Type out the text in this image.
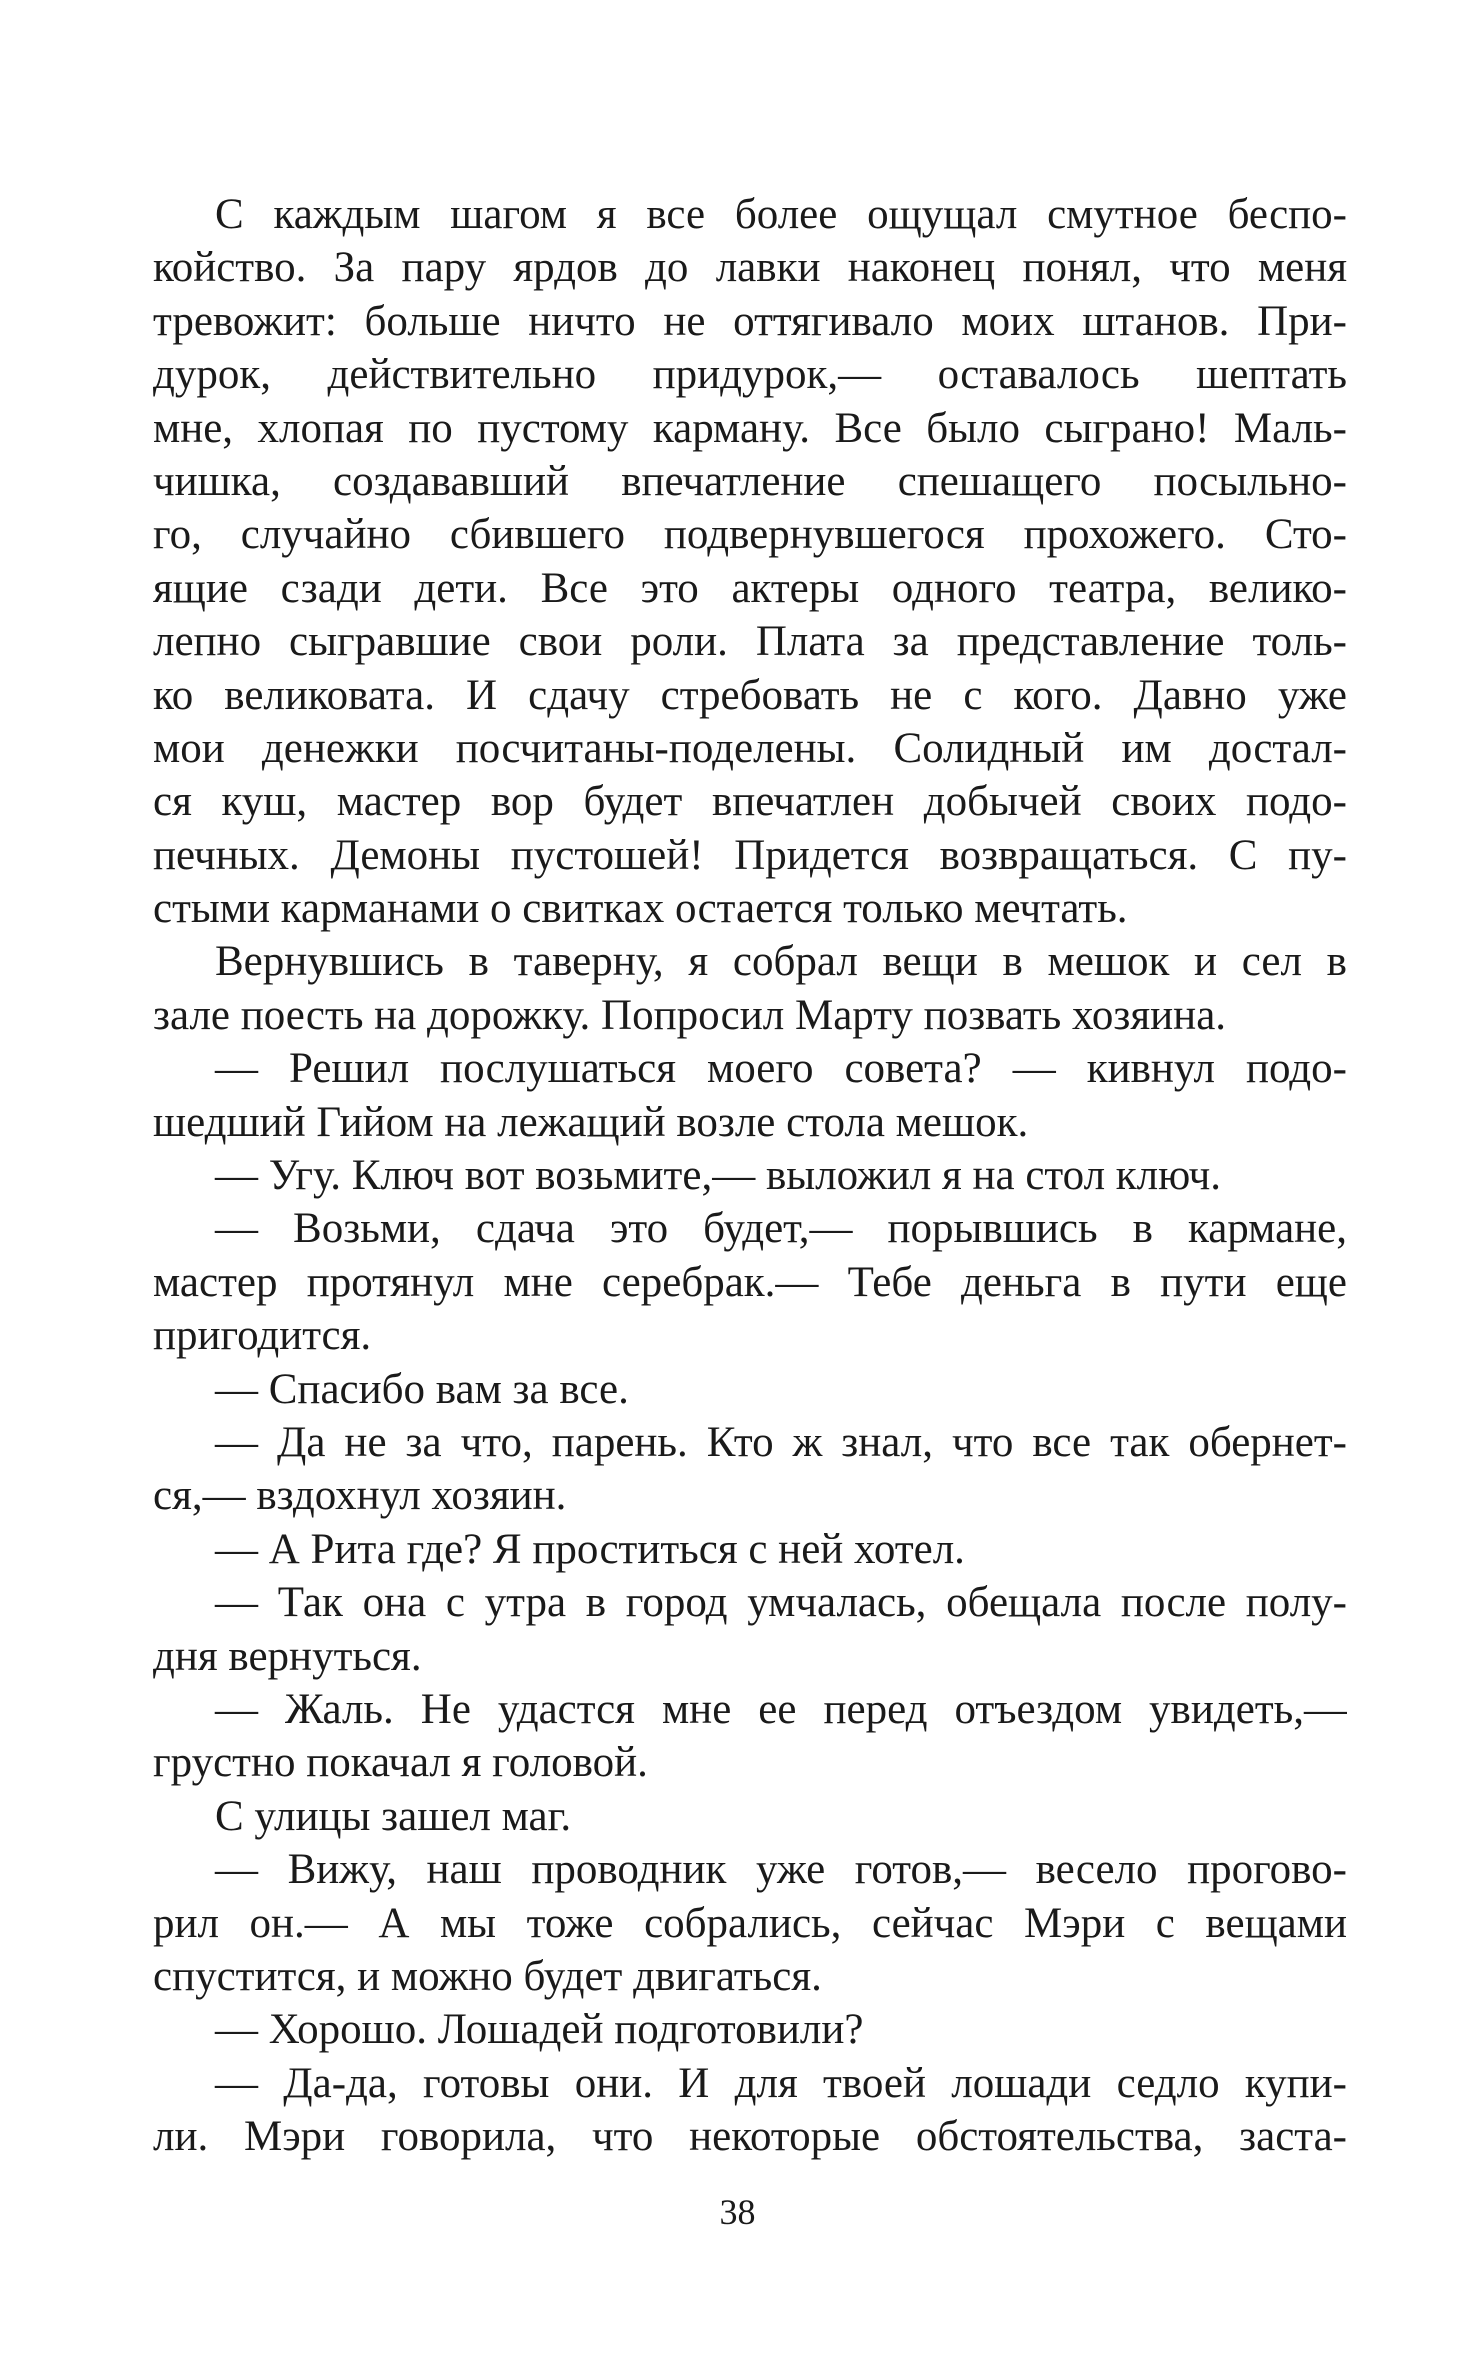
С каждым шагом я все более ощущал смутное беспо-
койство. За пару ярдов до лавки наконец понял, что меня
тревожит: больше ничто не оттягивало моих штанов. При-
дурок, действительно придурок,— оставалось шептать
мне, хлопая по пустому карману. Все было сыграно! Маль-
чишка, создававший впечатление спешащего посыльно-
го, случайно сбившего подвернувшегося прохожего. Сто-
ящие сзади дети. Все это актеры одного театра, велико-
лепно сыгравшие свои роли. Плата за представление толь-
ко великовата. И сдачу стребовать не с кого. Давно уже
мои денежки посчитаны-поделены. Солидный им достал-
ся куш, мастер вор будет впечатлен добычей своих подо-
печных. Демоны пустошей! Придется возвращаться. С пу-
стыми карманами о свитках остается только мечтать.
Вернувшись в таверну, я собрал вещи в мешок и сел в
зале поесть на дорожку. Попросил Марту позвать хозяина.
— Решил послушаться моего совета? — кивнул подо-
шедший Гийом на лежащий возле стола мешок.
— Угу. Ключ вот возьмите,— выложил я на стол ключ.
— Возьми, сдача это будет,— порывшись в кармане,
мастер протянул мне серебрак.— Тебе деньга в пути еще
пригодится.
— Спасибо вам за все.
— Да не за что, парень. Кто ж знал, что все так обернет-
ся,— вздохнул хозяин.
— А Рита где? Я проститься с ней хотел.
— Так она с утра в город умчалась, обещала после полу-
дня вернуться.
— Жаль. Не удастся мне ее перед отъездом увидеть,—
грустно покачал я головой.
С улицы зашел маг.
— Вижу, наш проводник уже готов,— весело прогово-
рил он.— А мы тоже собрались, сейчас Мэри с вещами
спустится, и можно будет двигаться.
— Хорошо. Лошадей подготовили?
— Да-да, готовы они. И для твоей лошади седло купи-
ли. Мэри говорила, что некоторые обстоятельства, заста-
38
